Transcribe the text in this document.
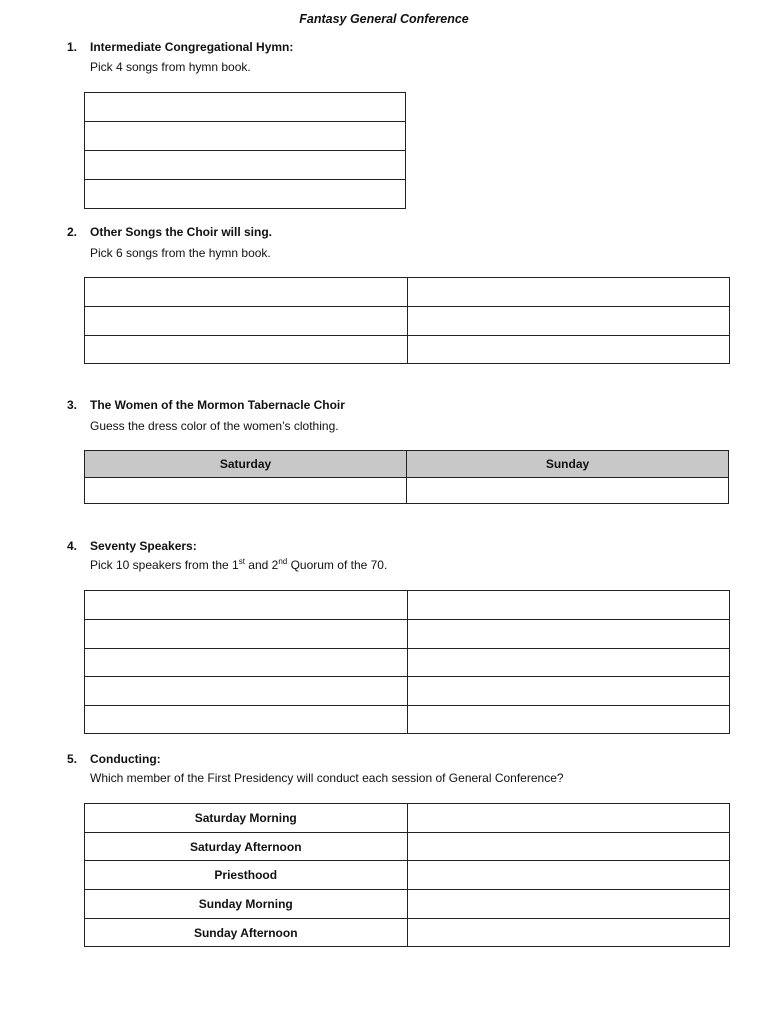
Fantasy General Conference
1. Intermediate Congregational Hymn:
Pick 4 songs from hymn book.

2. Other Songs the Choir will sing.
Pick 6 songs from the hymn book.

3. The Women of the Mormon Tabernacle Choir
Guess the dress color of the women’s clothing.
Saturday	Sunday

4. Seventy Speakers:
Pick 10 speakers from the 1st and 2nd Quorum of the 70.

5. Conducting:
Which member of the First Presidency will conduct each session of General Conference?
Saturday Morning	
Saturday Afternoon	
Priesthood	
Sunday Morning	
Sunday Afternoon	
